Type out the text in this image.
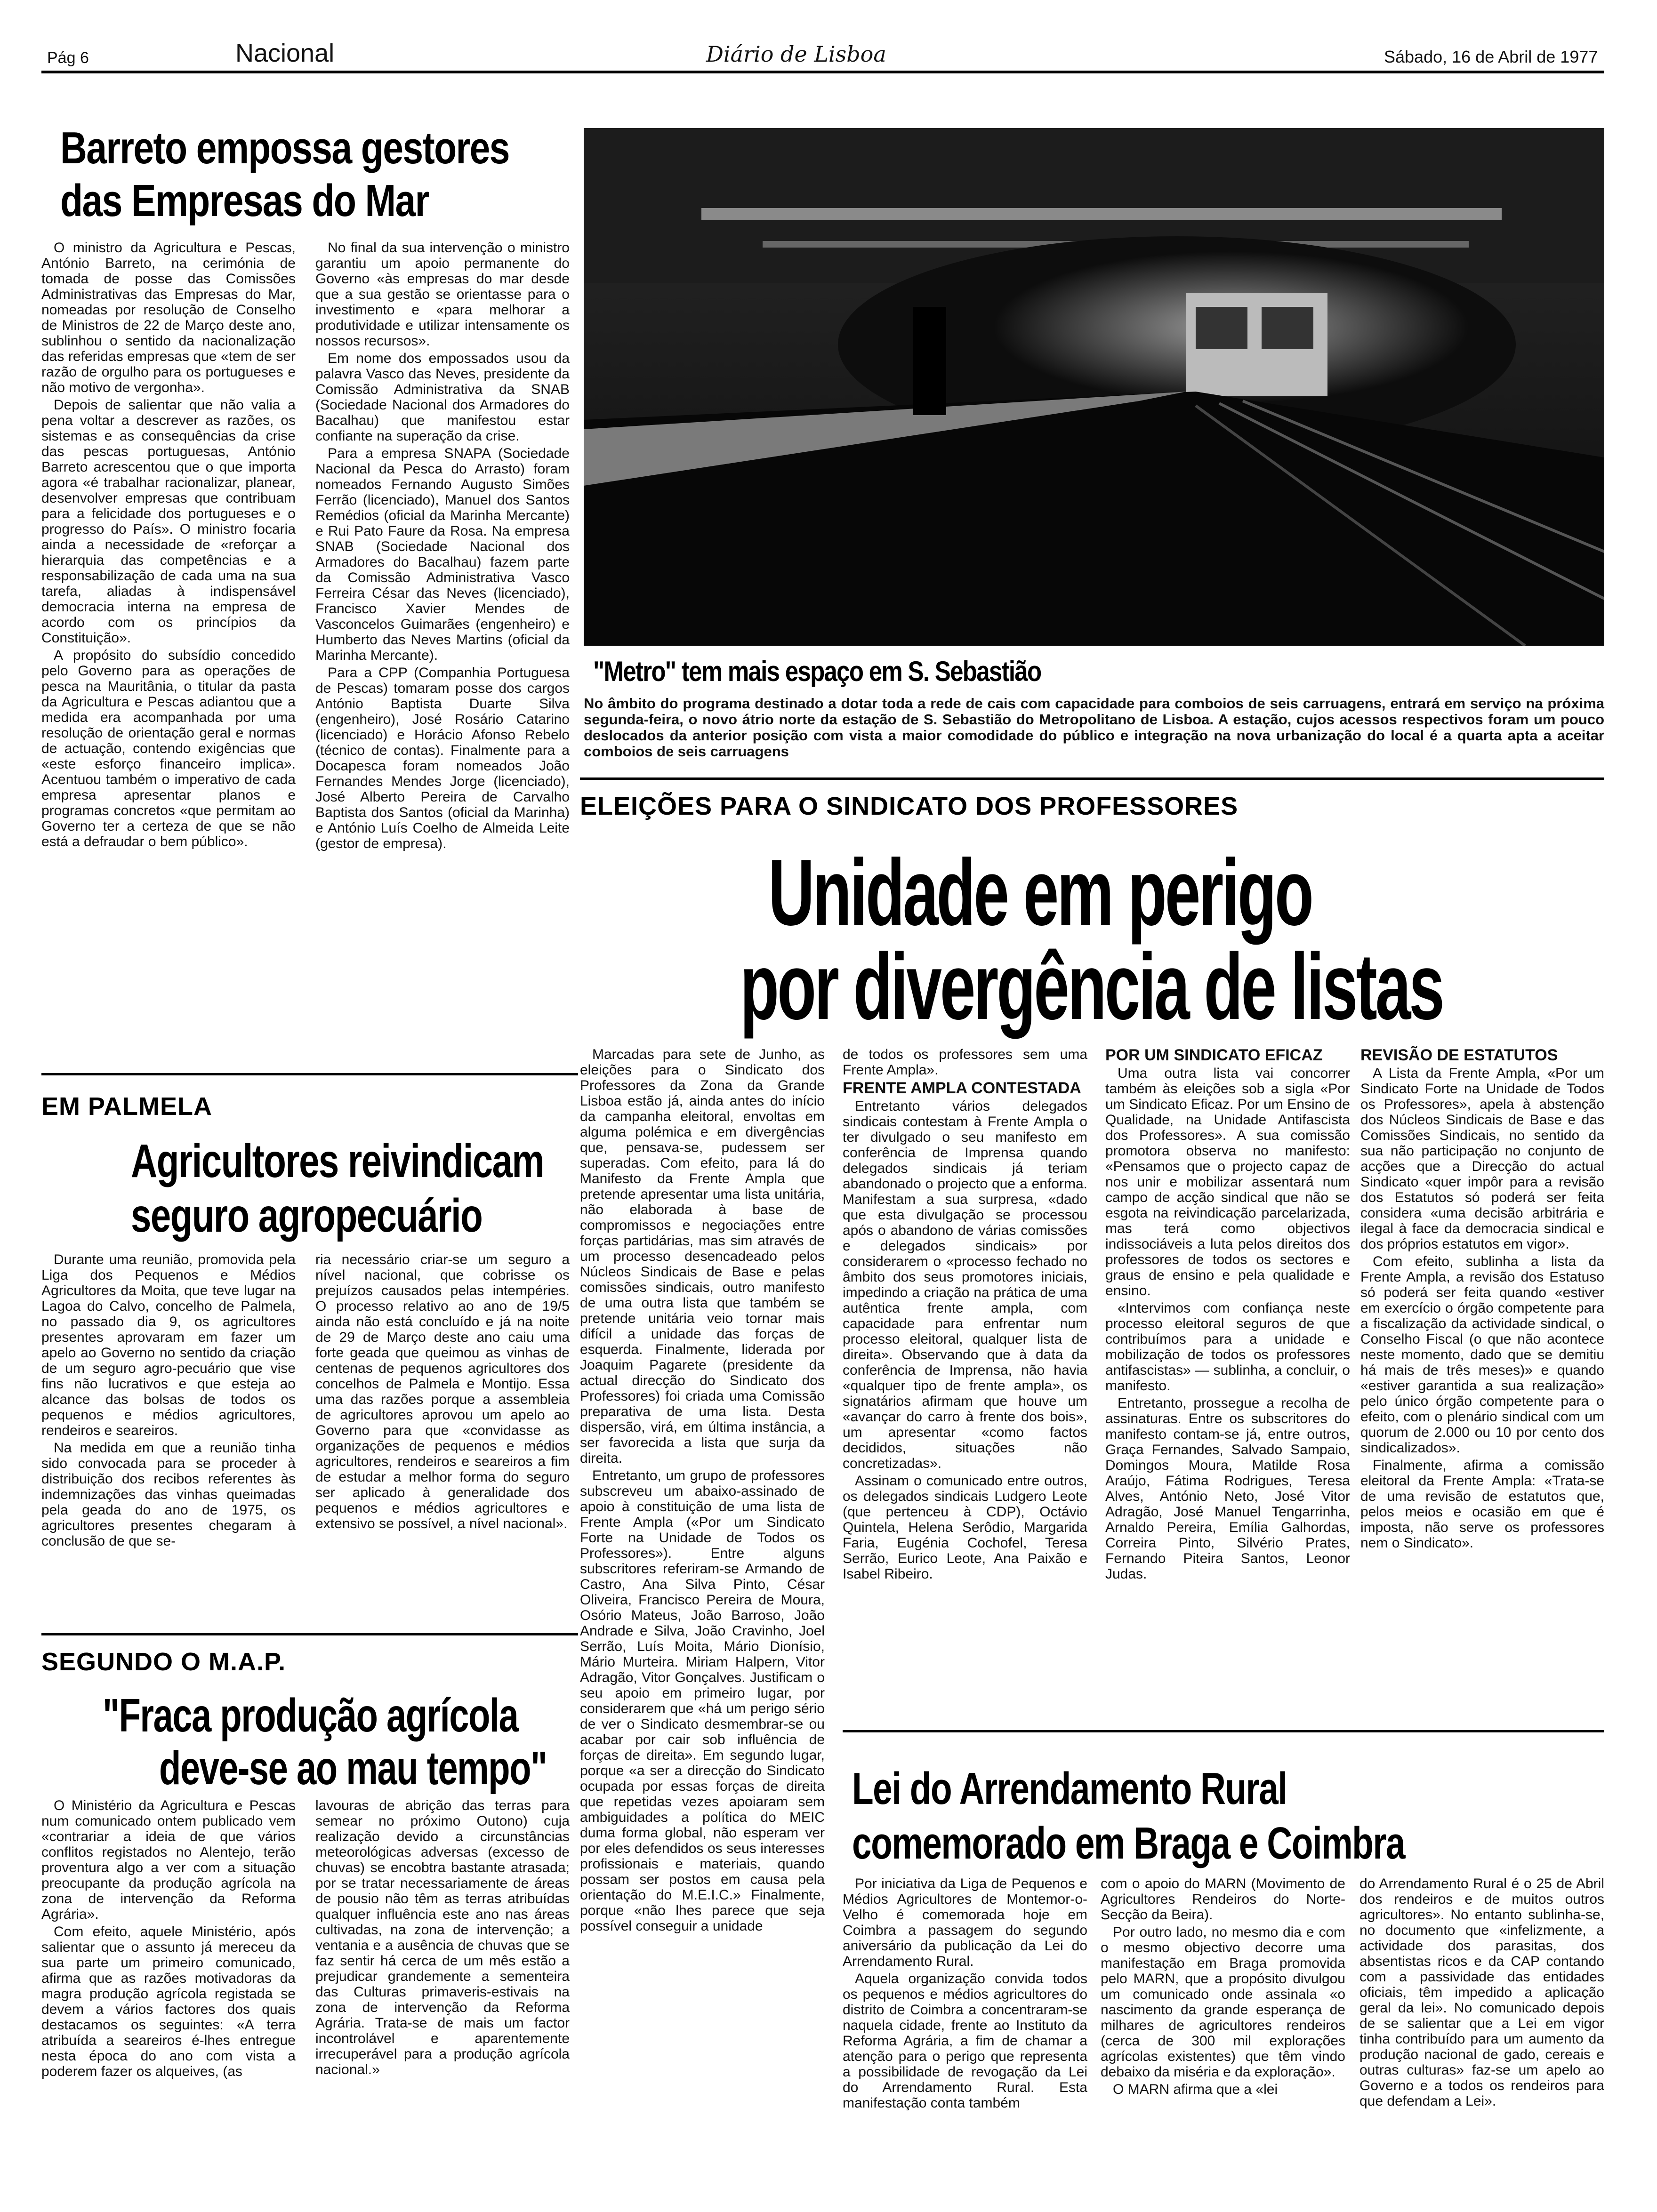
Pág 6	Nacional	Diário de Lisboa	Sábado, 16 de Abril de 1977
Barreto empossa gestores
das Empresas do Mar

O ministro da Agricultura e Pescas, António Barreto, na cerimónia de tomada de posse das Comissões Administrativas das Empresas do Mar, nomeadas por resolução de Conselho de Ministros de 22 de Março deste ano, sublinhou o sentido da nacionalização das referidas empresas que «tem de ser razão de orgulho para os portugueses e não motivo de vergonha».

Depois de salientar que não valia a pena voltar a descrever as razões, os sistemas e as consequências da crise das pescas portuguesas, António Barreto acrescentou que o que importa agora «é trabalhar racionalizar, planear, desenvolver empresas que contribuam para a felicidade dos portugueses e o progresso do País». O ministro focaria ainda a necessidade de «reforçar a hierarquia das competências e a responsabilização de cada uma na sua tarefa, aliadas à indispensável democracia interna na empresa de acordo com os princípios da Constituição».

A propósito do subsídio concedido pelo Governo para as operações de pesca na Mauritânia, o titular da pasta da Agricultura e Pescas adiantou que a medida era acompanhada por uma resolução de orientação geral e normas de actuação, contendo exigências que «este esforço financeiro implica». Acentuou também o imperativo de cada empresa apresentar planos e programas concretos «que permitam ao Governo ter a certeza de que se não está a defraudar o bem público».

No final da sua intervenção o ministro garantiu um apoio permanente do Governo «às empresas do mar desde que a sua gestão se orientasse para o investimento e «para melhorar a produtividade e utilizar intensamente os nossos recursos».

Em nome dos empossados usou da palavra Vasco das Neves, presidente da Comissão Administrativa da SNAB (Sociedade Nacional dos Armadores do Bacalhau) que manifestou estar confiante na superação da crise.

Para a empresa SNAPA (Sociedade Nacional da Pesca do Arrasto) foram nomeados Fernando Augusto Simões Ferrão (licenciado), Manuel dos Santos Remédios (oficial da Marinha Mercante) e Rui Pato Faure da Rosa. Na empresa SNAB (Sociedade Nacional dos Armadores do Bacalhau) fazem parte da Comissão Administrativa Vasco Ferreira César das Neves (licenciado), Francisco Xavier Mendes de Vasconcelos Guimarães (engenheiro) e Humberto das Neves Martins (oficial da Marinha Mercante).

Para a CPP (Companhia Portuguesa de Pescas) tomaram posse dos cargos António Baptista Duarte Silva (engenheiro), José Rosário Catarino (licenciado) e Horácio Afonso Rebelo (técnico de contas). Finalmente para a Docapesca foram nomeados João Fernandes Mendes Jorge (licenciado), José Alberto Pereira de Carvalho Baptista dos Santos (oficial da Marinha) e António Luís Coelho de Almeida Leite (gestor de empresa).

"Metro" tem mais espaço em S. Sebastião
No âmbito do programa destinado a dotar toda a rede de cais com capacidade para comboios de seis carruagens, entrará em serviço na próxima segunda-feira, o novo átrio norte da estação de S. Sebastião do Metropolitano de Lisboa. A estação, cujos acessos respectivos foram um pouco deslocados da anterior posição com vista a maior comodidade do público e integração na nova urbanização do local é a quarta apta a aceitar comboios de seis carruagens
ELEIÇÕES PARA O SINDICATO DOS PROFESSORES
Unidade em perigo
por divergência de listas

Marcadas para sete de Junho, as eleições para o Sindicato dos Professores da Zona da Grande Lisboa estão já, ainda antes do início da campanha eleitoral, envoltas em alguma polémica e em divergências que, pensava-se, pudessem ser superadas. Com efeito, para lá do Manifesto da Frente Ampla que pretende apresentar uma lista unitária, não elaborada à base de compromissos e negociações entre forças partidárias, mas sim através de um processo desencadeado pelos Núcleos Sindicais de Base e pelas comissões sindicais, outro manifesto de uma outra lista que também se pretende unitária veio tornar mais difícil a unidade das forças de esquerda. Finalmente, liderada por Joaquim Pagarete (presidente da actual direcção do Sindicato dos Professores) foi criada uma Comissão preparativa de uma lista. Desta dispersão, virá, em última instância, a ser favorecida a lista que surja da direita.

Entretanto, um grupo de professores subscreveu um abaixo-assinado de apoio à constituição de uma lista de Frente Ampla («Por um Sindicato Forte na Unidade de Todos os Professores»). Entre alguns subscritores referiram-se Armando de Castro, Ana Silva Pinto, César Oliveira, Francisco Pereira de Moura, Osório Mateus, João Barroso, João Andrade e Silva, João Cravinho, Joel Serrão, Luís Moita, Mário Dionísio, Mário Murteira. Miriam Halpern, Vitor Adragão, Vitor Gonçalves. Justificam o seu apoio em primeiro lugar, por considerarem que «há um perigo sério de ver o Sindicato desmembrar-se ou acabar por cair sob influência de forças de direita». Em segundo lugar, porque «a ser a direcção do Sindicato ocupada por essas forças de direita que repetidas vezes apoiaram sem ambiguidades a política do MEIC duma forma global, não esperam ver por eles defendidos os seus interesses profissionais e materiais, quando possam ser postos em causa pela orientação do M.E.I.C.» Finalmente, porque «não lhes parece que seja possível conseguir a unidade

de todos os professores sem uma Frente Ampla».

FRENTE AMPLA CONTESTADA

Entretanto vários delegados sindicais contestam à Frente Ampla o ter divulgado o seu manifesto em conferência de Imprensa quando delegados sindicais já teriam abandonado o projecto que a enforma. Manifestam a sua surpresa, «dado que esta divulgação se processou após o abandono de várias comissões e delegados sindicais» por considerarem o «processo fechado no âmbito dos seus promotores iniciais, impedindo a criação na prática de uma autêntica frente ampla, com capacidade para enfrentar num processo eleitoral, qualquer lista de direita». Observando que à data da conferência de Imprensa, não havia «qualquer tipo de frente ampla», os signatários afirmam que houve um «avançar do carro à frente dos bois», um apresentar «como factos decididos, situações não concretizadas».

Assinam o comunicado entre outros, os delegados sindicais Ludgero Leote (que pertenceu à CDP), Octávio Quintela, Helena Serôdio, Margarida Faria, Eugénia Cochofel, Teresa Serrão, Eurico Leote, Ana Paixão e Isabel Ribeiro.

POR UM SINDICATO EFICAZ

Uma outra lista vai concorrer também às eleições sob a sigla «Por um Sindicato Eficaz. Por um Ensino de Qualidade, na Unidade Antifascista dos Professores». A sua comissão promotora observa no manifesto: «Pensamos que o projecto capaz de nos unir e mobilizar assentará num campo de acção sindical que não se esgota na reivindicação parcelarizada, mas terá como objectivos indissociáveis a luta pelos direitos dos professores de todos os sectores e graus de ensino e pela qualidade e ensino.

«Intervimos com confiança neste processo eleitoral seguros de que contribuímos para a unidade e mobilização de todos os professores antifascistas» — sublinha, a concluir, o manifesto.

Entretanto, prossegue a recolha de assinaturas. Entre os subscritores do manifesto contam-se já, entre outros, Graça Fernandes, Salvado Sampaio, Domingos Moura, Matilde Rosa Araújo, Fátima Rodrigues, Teresa Alves, António Neto, José Vitor Adragão, José Manuel Tengarrinha, Arnaldo Pereira, Emília Galhordas, Correira Pinto, Silvério Prates, Fernando Piteira Santos, Leonor Judas.

REVISÃO DE ESTATUTOS

A Lista da Frente Ampla, «Por um Sindicato Forte na Unidade de Todos os Professores», apela à abstenção dos Núcleos Sindicais de Base e das Comissões Sindicais, no sentido da sua não participação no conjunto de acções que a Direcção do actual Sindicato «quer impôr para a revisão dos Estatutos só poderá ser feita considera «uma decisão arbitrária e ilegal à face da democracia sindical e dos próprios estatutos em vigor».

Com efeito, sublinha a lista da Frente Ampla, a revisão dos Estatuso só poderá ser feita quando «estiver em exercício o órgão competente para a fiscalização da actividade sindical, o Conselho Fiscal (o que não acontece neste momento, dado que se demitiu há mais de três meses)» e quando «estiver garantida a sua realização» pelo único órgão competente para o efeito, com o plenário sindical com um quorum de 2.000 ou 10 por cento dos sindicalizados».

Finalmente, afirma a comissão eleitoral da Frente Ampla: «Trata-se de uma revisão de estatutos que, pelos meios e ocasião em que é imposta, não serve os professores nem o Sindicato».

EM PALMELA
Agricultores reivindicam
seguro agropecuário

Durante uma reunião, promovida pela Liga dos Pequenos e Médios Agricultores da Moita, que teve lugar na Lagoa do Calvo, concelho de Palmela, no passado dia 9, os agricultores presentes aprovaram em fazer um apelo ao Governo no sentido da criação de um seguro agro-pecuário que vise fins não lucrativos e que esteja ao alcance das bolsas de todos os pequenos e médios agricultores, rendeiros e seareiros.

Na medida em que a reunião tinha sido convocada para se proceder à distribuição dos recibos referentes às indemnizações das vinhas queimadas pela geada do ano de 1975, os agricultores presentes chegaram à conclusão de que se-

ria necessário criar-se um seguro a nível nacional, que cobrisse os prejuízos causados pelas intempéries. O processo relativo ao ano de 19/5 ainda não está concluído e já na noite de 29 de Março deste ano caiu uma forte geada que queimou as vinhas de centenas de pequenos agricultores dos concelhos de Palmela e Montijo. Essa uma das razões porque a assembleia de agricultores aprovou um apelo ao Governo para que «convidasse as organizações de pequenos e médios agricultores, rendeiros e seareiros a fim de estudar a melhor forma do seguro ser aplicado à generalidade dos pequenos e médios agricultores e extensivo se possível, a nível nacional».

SEGUNDO O M.A.P.
"Fraca produção agrícola
deve-se ao mau tempo"

O Ministério da Agricultura e Pescas num comunicado ontem publicado vem «contrariar a ideia de que vários conflitos registados no Alentejo, terão proventura algo a ver com a situação preocupante da produção agrícola na zona de intervenção da Reforma Agrária».

Com efeito, aquele Ministério, após salientar que o assunto já mereceu da sua parte um primeiro comunicado, afirma que as razões motivadoras da magra produção agrícola registada se devem a vários factores dos quais destacamos os seguintes: «A terra atribuída a seareiros é-lhes entregue nesta época do ano com vista a poderem fazer os alqueives, (as

lavouras de abrição das terras para semear no próximo Outono) cuja realização devido a circunstâncias meteorológicas adversas (excesso de chuvas) se encobtra bastante atrasada; por se tratar necessariamente de áreas de pousio não têm as terras atribuídas qualquer influência este ano nas áreas cultivadas, na zona de intervenção; a ventania e a ausência de chuvas que se faz sentir há cerca de um mês estão a prejudicar grandemente a sementeira das Culturas primaveris-estivais na zona de intervenção da Reforma Agrária. Trata-se de mais um factor incontrolável e aparentemente irrecuperável para a produção agrícola nacional.»

Lei do Arrendamento Rural
comemorado em Braga e Coimbra

Por iniciativa da Liga de Pequenos e Médios Agricultores de Montemor-o-Velho é comemorada hoje em Coimbra a passagem do segundo aniversário da publicação da Lei do Arrendamento Rural.

Aquela organização convida todos os pequenos e médios agricultores do distrito de Coimbra a concentraram-se naquela cidade, frente ao Instituto da Reforma Agrária, a fim de chamar a atenção para o perigo que representa a possibilidade de revogação da Lei do Arrendamento Rural. Esta manifestação conta também

com o apoio do MARN (Movimento de Agricultores Rendeiros do Norte-Secção da Beira).

Por outro lado, no mesmo dia e com o mesmo objectivo decorre uma manifestação em Braga promovida pelo MARN, que a propósito divulgou um comunicado onde assinala «o nascimento da grande esperança de milhares de agricultores rendeiros (cerca de 300 mil explorações agrícolas existentes) que têm vindo debaixo da miséria e da exploração».

O MARN afirma que a «lei

do Arrendamento Rural é o 25 de Abril dos rendeiros e de muitos outros agricultores». No entanto sublinha-se, no documento que «infelizmente, a actividade dos parasitas, dos absentistas ricos e da CAP contando com a passividade das entidades oficiais, têm impedido a aplicação geral da lei». No comunicado depois de se salientar que a Lei em vigor tinha contribuído para um aumento da produção nacional de gado, cereais e outras culturas» faz-se um apelo ao Governo e a todos os rendeiros para que defendam a Lei».
